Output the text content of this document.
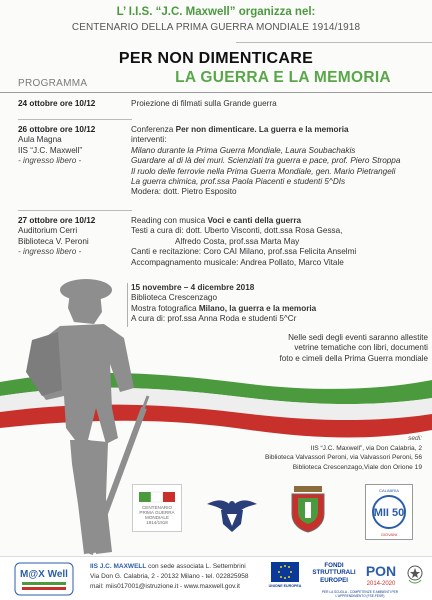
L’ I.I.S. “J.C. Maxwell” organizza nel:
CENTENARIO DELLA PRIMA GUERRA MONDIALE 1914/1918
PER NON DIMENTICARE
LA GUERRA E LA MEMORIA
PROGRAMMA
24 ottobre ore 10/12	Proiezione di filmati sulla Grande guerra
26 ottobre ore 10/12
Aula Magna
IIS “J.C. Maxwell”
- ingresso libero -
Conferenza Per non dimenticare. La guerra e la memoria
interventi:
Milano durante la Prima Guerra Mondiale, Laura Soubachakis
Guardare al di là dei muri. Scienziati tra guerra e pace, prof. Piero Stroppa
Il ruolo delle ferrovie nella Prima Guerra Mondiale, gen. Mario Pietrangeli
La guerra chimica, prof.ssa Paola Piacenti e studenti 5^DIs
Modera: dott. Pietro Esposito
27 ottobre ore 10/12
Auditorium Cerri
Biblioteca V. Peroni
- ingresso libero -
Reading con musica Voci e canti della guerra
Testi a cura di: dott. Uberto Visconti, dott.ssa Rosa Gessa,
Alfredo Costa, prof.ssa Marta May
Canti e recitazione: Coro CAI Milano, prof.ssa Felicita Anselmi
Accompagnamento musicale: Andrea Pollato, Marco Vitale
15 novembre – 4 dicembre 2018
Biblioteca Crescenzago
Mostra fotografica Milano, la guerra e la memoria
A cura di: prof.ssa Anna Roda e studenti 5^Cr
Nelle sedi degli eventi saranno allestite
vetrine tematiche con libri, documenti
foto e cimeli della Prima Guerra mondiale
sedi:
IIS “J.C. Maxwell”, via Don Calabria, 2
Biblioteca Valvassori Peroni, via Valvassori Peroni, 56
Biblioteca Crescenzago,Viale don Orione 19
CENTENARIO
PRIMA GUERRA
MONDIALE
1914/1918
CALABRIA
MII 50
GIOVANI
M@X Well
IIS J.C. MAXWELL con sede associata L. Settembrini
Via Don G. Calabria, 2 - 20132 Milano - tel. 022825958
mail: miis017001@istruzione.it - www.maxwell.gov.it	UNIONE EUROPEA
FONDI
STRUTTURALI
EUROPEI
PON
2014-2020
PER LA SCUOLA - COMPETENZE E AMBIENTI PER L'APPRENDIMENTO (FSE-FESR)
